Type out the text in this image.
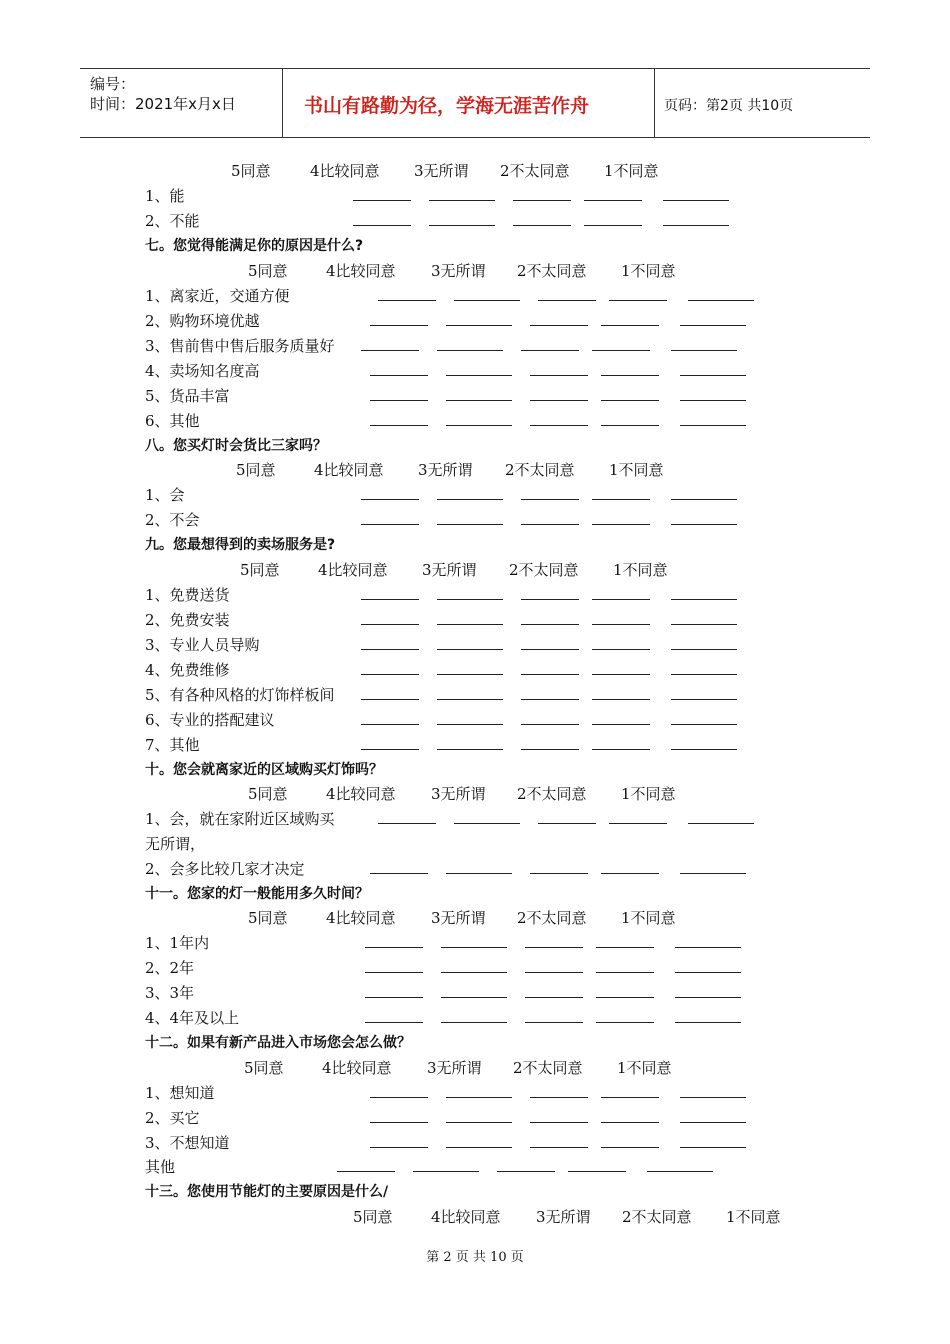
编号：
时间：2021年x月x日	书山有路勤为径，学海无涯苦作舟	页码：第2页 共10页
5同意	4比较同意 3无所谓 2不太同意 1不同意
1、能
2、不能
七。您觉得能满足你的原因是什么?
5同意	4比较同意 3无所谓 2不太同意 1不同意
1、离家近，交通方便
2、购物环境优越
3、售前售中售后服务质量好
4、卖场知名度高
5、货品丰富
6、其他
八。您买灯时会货比三家吗？
5同意	4比较同意 3无所谓 2不太同意 1不同意
1、会
2、不会
九。您最想得到的卖场服务是?
5同意	4比较同意 3无所谓 2不太同意 1不同意
1、免费送货
2、免费安装
3、专业人员导购
4、免费维修
5、有各种风格的灯饰样板间
6、专业的搭配建议
7、其他
十。您会就离家近的区域购买灯饰吗？
5同意	4比较同意 3无所谓 2不太同意 1不同意
1、会，就在家附近区域购买
无所谓，
2、会多比较几家才决定
十一。您家的灯一般能用多久时间？
5同意	4比较同意 3无所谓 2不太同意 1不同意
1、1年内
2、2年
3、3年
4、4年及以上
十二。如果有新产品进入市场您会怎么做？
5同意	4比较同意 3无所谓 2不太同意 1不同意
1、想知道
2、买它
3、不想知道
其他
十三。您使用节能灯的主要原因是什么/
5同意	4比较同意 3无所谓 2不太同意 1不同意
第 2 页 共 10 页
